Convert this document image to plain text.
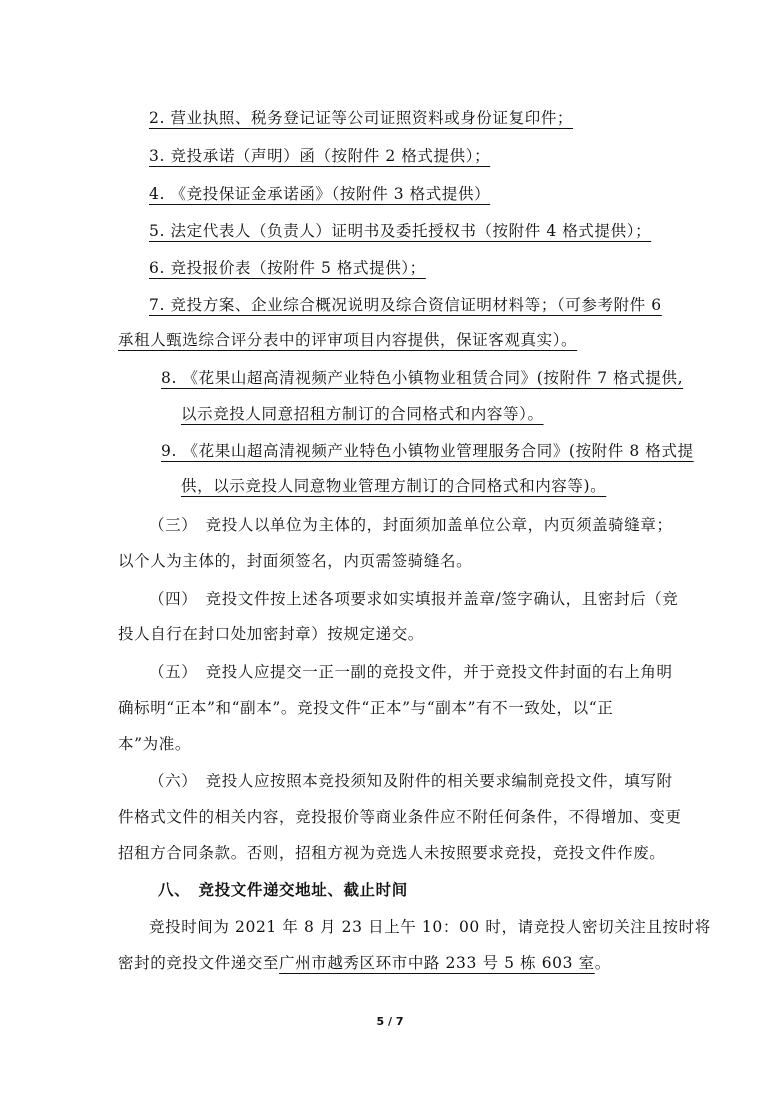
2. 营业执照、税务登记证等公司证照资料或身份证复印件；
3. 竞投承诺（声明）函（按附件 2 格式提供）；
4. 《竞投保证金承诺函》（按附件 3 格式提供）
5. 法定代表人（负责人）证明书及委托授权书（按附件 4 格式提供）；
6. 竞投报价表（按附件 5 格式提供）；
7. 竞投方案、企业综合概况说明及综合资信证明材料等；（可参考附件 6
承租人甄选综合评分表中的评审项目内容提供，保证客观真实）。
8. 《花果山超高清视频产业特色小镇物业租赁合同》(按附件 7 格式提供,
以示竞投人同意招租方制订的合同格式和内容等）。
9. 《花果山超高清视频产业特色小镇物业管理服务合同》(按附件 8 格式提
供，以示竞投人同意物业管理方制订的合同格式和内容等)。
（三）　竞投人以单位为主体的，封面须加盖单位公章，内页须盖骑缝章；
以个人为主体的，封面须签名，内页需签骑缝名。
（四）　竞投文件按上述各项要求如实填报并盖章/签字确认，且密封后（竞
投人自行在封口处加密封章）按规定递交。
（五）　竞投人应提交一正一副的竞投文件，并于竞投文件封面的右上角明
确标明“正本”和“副本”。竞投文件“正本”与“副本”有不一致处，以“正
本”为准。
（六）　竞投人应按照本竞投须知及附件的相关要求编制竞投文件，填写附
件格式文件的相关内容，竞投报价等商业条件应不附任何条件，不得增加、变更
招租方合同条款。否则，招租方视为竞选人未按照要求竞投，竞投文件作废。
八、　竞投文件递交地址、截止时间
竞投时间为 2021 年 8 月 23 日上午 10：00 时，请竞投人密切关注且按时将
密封的竞投文件递交至广州市越秀区环市中路 233 号 5 栋 603 室。
5 / 7
